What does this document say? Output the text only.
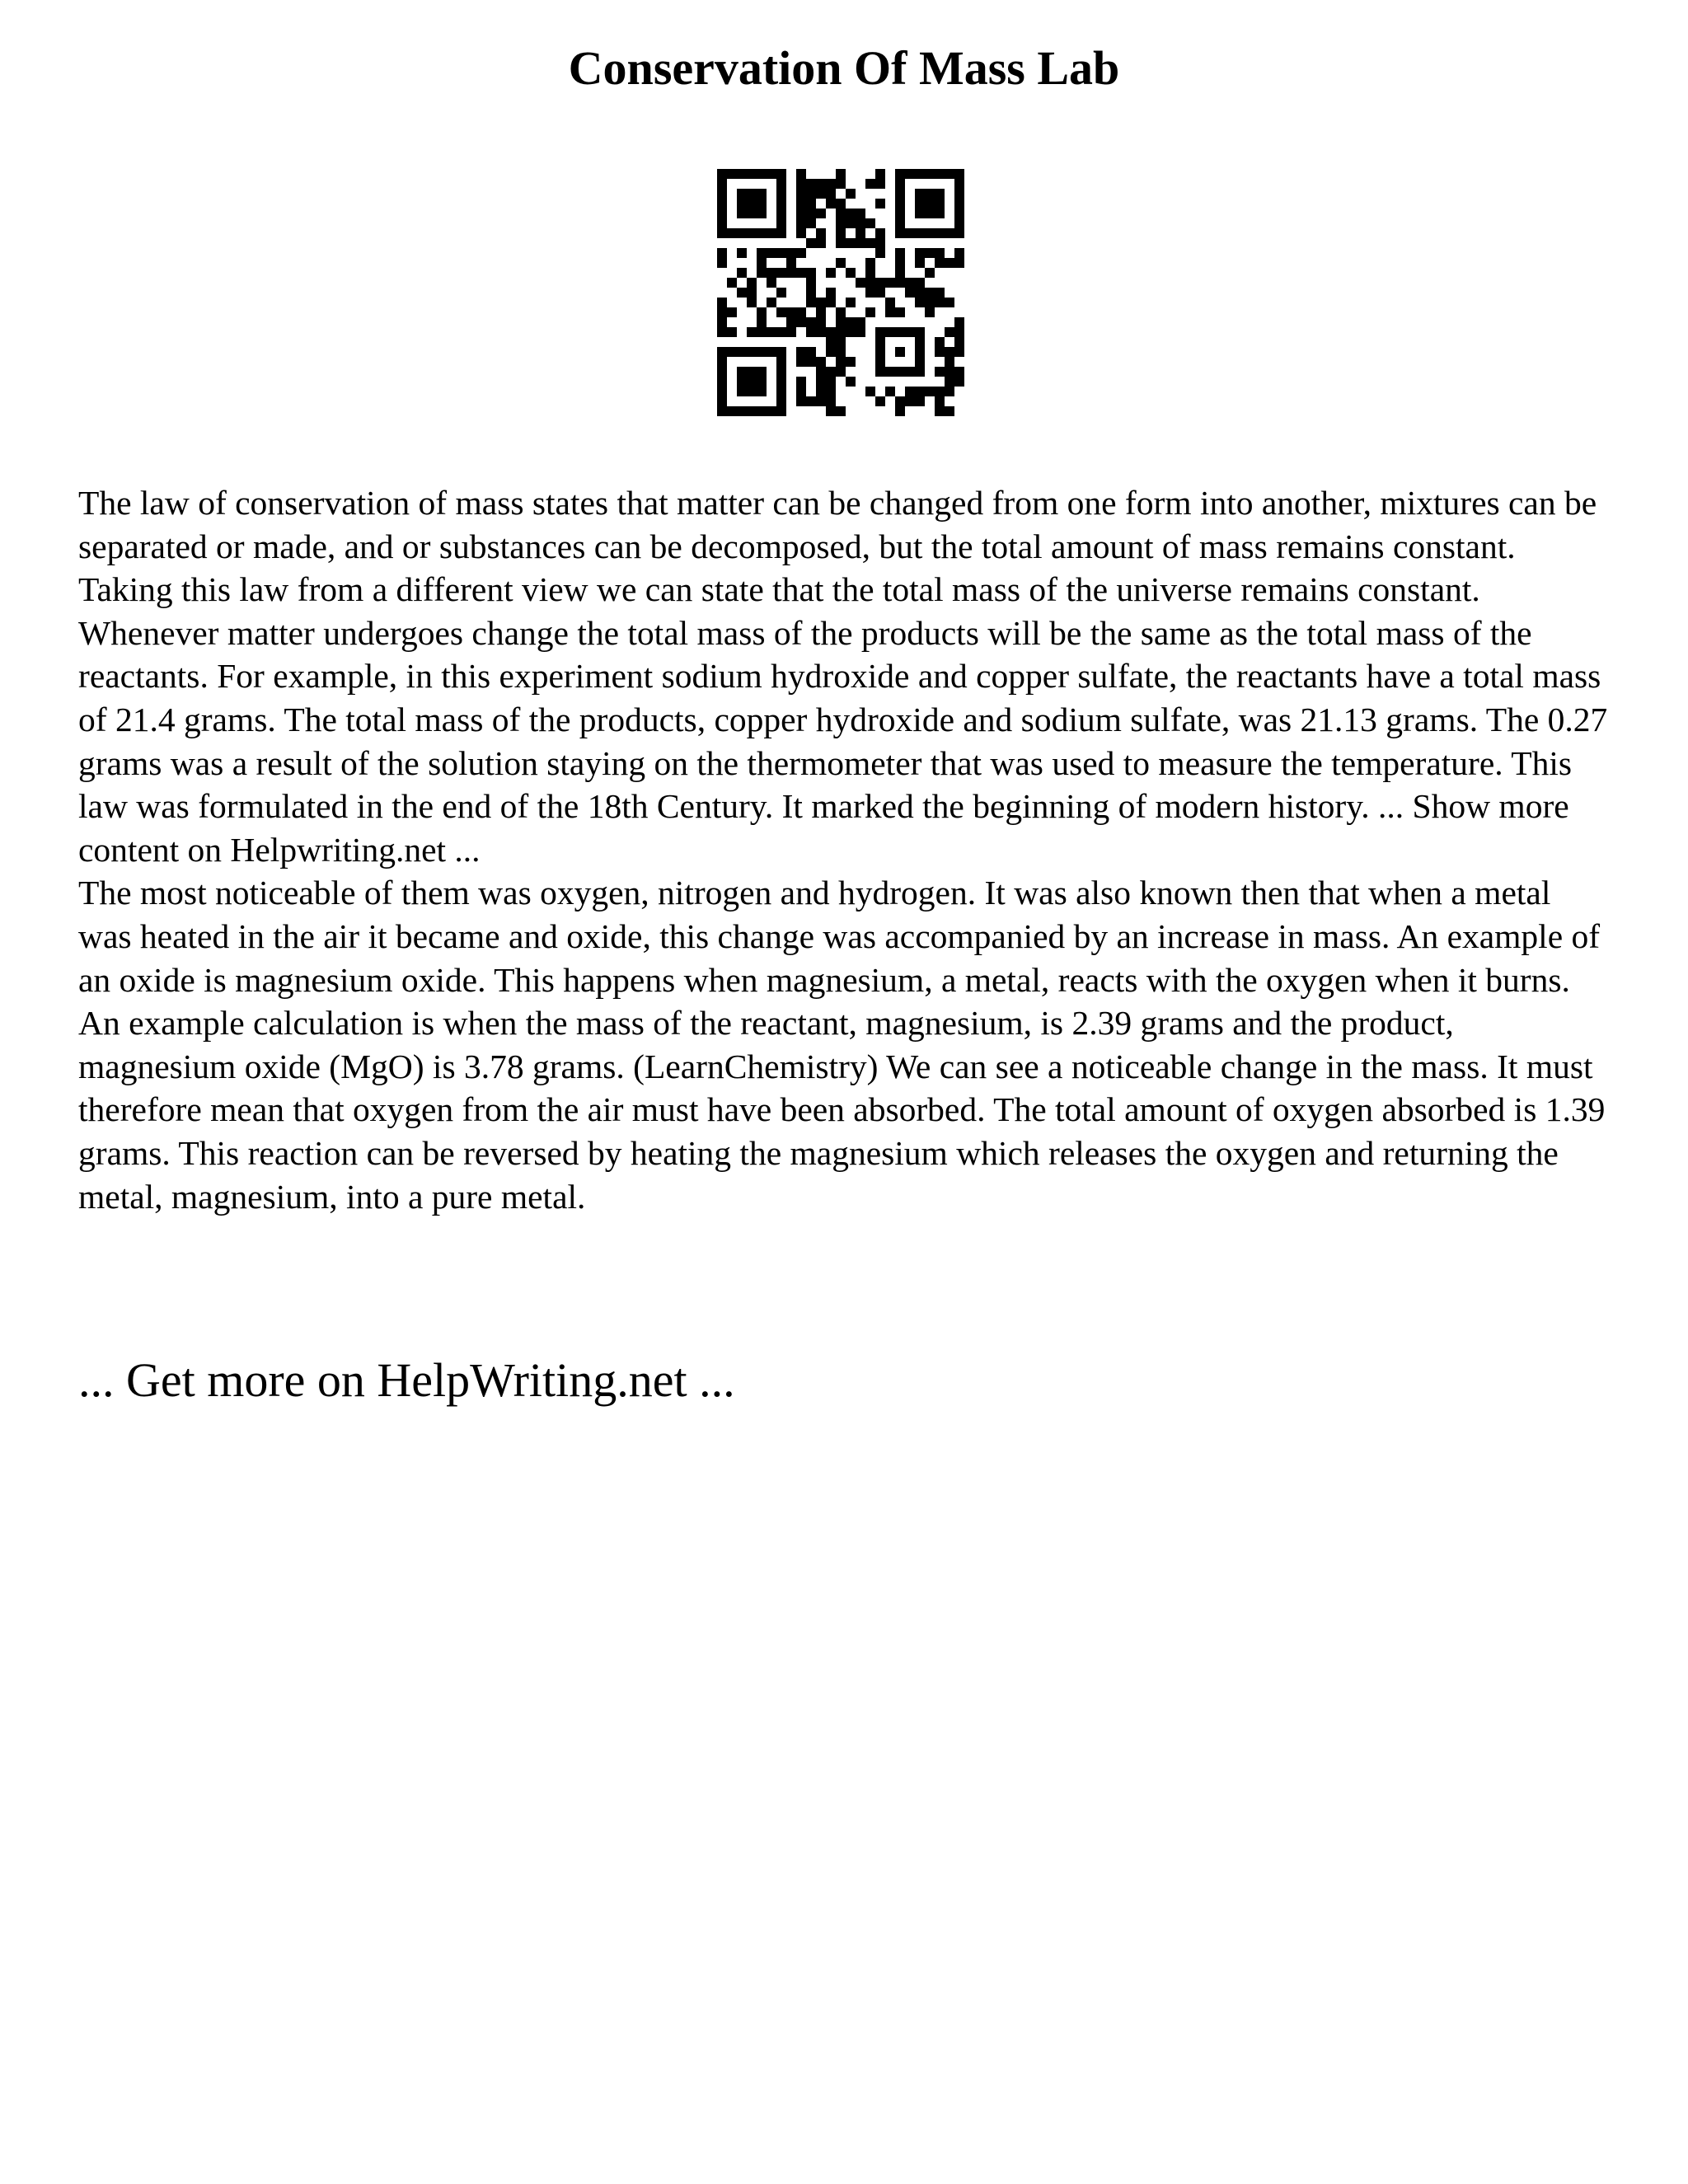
Conservation Of Mass Lab

The law of conservation of mass states that matter can be changed from one form into another, mixtures can be separated or made, and or substances can be decomposed, but the total amount of mass remains constant. Taking this law from a different view we can state that the total mass of the universe remains constant. Whenever matter undergoes change the total mass of the products will be the same as the total mass of the reactants. For example, in this experiment sodium hydroxide and copper sulfate, the reactants have a total mass of 21.4 grams. The total mass of the products, copper hydroxide and sodium sulfate, was 21.13 grams. The 0.27 grams was a result of the solution staying on the thermometer that was used to measure the temperature. This law was formulated in the end of the 18th Century. It marked the beginning of modern history. ... Show more content on Helpwriting.net ...

The most noticeable of them was oxygen, nitrogen and hydrogen. It was also known then that when a metal was heated in the air it became and oxide, this change was accompanied by an increase in mass. An example of an oxide is magnesium oxide. This happens when magnesium, a metal, reacts with the oxygen when it burns. An example calculation is when the mass of the reactant, magnesium, is 2.39 grams and the product, magnesium oxide (MgO) is 3.78 grams. (LearnChemistry) We can see a noticeable change in the mass. It must therefore mean that oxygen from the air must have been absorbed. The total amount of oxygen absorbed is 1.39 grams. This reaction can be reversed by heating the magnesium which releases the oxygen and returning the metal, magnesium, into a pure metal.

... Get more on HelpWriting.net ...
